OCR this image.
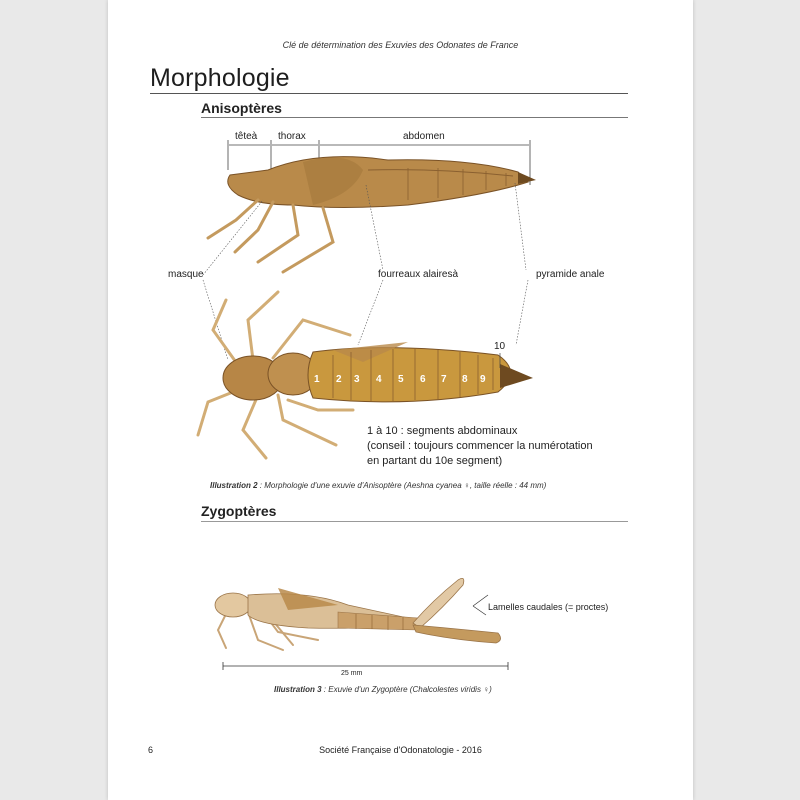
Clé de détermination des Exuvies des Odonates de France
Morphologie
Anisoptères
1 2 3 4 5 6 7 8 9
têteà thorax	abdomen
masque	fourreaux alairesà	pyramide anale
10
1 à 10 : segments abdominaux
(conseil : toujours commencer la numérotation
en partant du 10e segment)
Illustration 2 : Morphologie d'une exuvie d'Anisoptère (Aeshna cyanea ♀, taille réelle : 44 mm)
Zygoptères
Lamelles caudales (= proctes)
25 mm
Illustration 3 : Exuvie d'un Zygoptère (Chalcolestes viridis ♀)
6	Société Française d'Odonatologie - 2016
